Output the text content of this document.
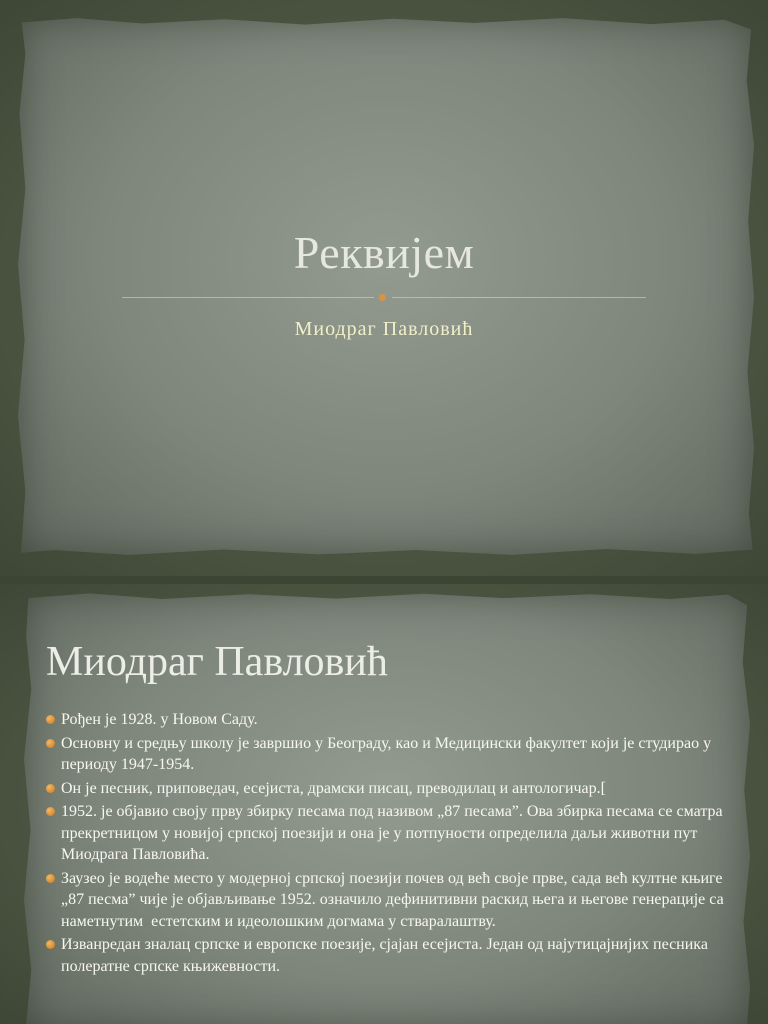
Реквијем
Миодраг Павловић
Миодраг Павловић
Рођен је 1928. у Новом Саду.
Основну и средњу школу је завршио у Београду, као и Медицински факултет који је студирао у периоду 1947-1954.
Он је песник, приповедач, есејиста, драмски писац, преводилац и антологичар.[
1952. је објавио своју прву збирку песама под називом „87 песама”. Ова збирка песама се сматра прекретницом у новијој српској поезији и она је у потпуности определила даљи животни пут Миодрага Павловића.
Заузео је водеће место у модерној српској поезији почев од већ своје прве, сада већ култне књиге „87 песма” чије је објављивање 1952. означило дефинитивни раскид њега и његове генерације са наметнутим  естетским и идеолошким догмама у стваралаштву.
Изванредан зналац српске и европске поезије, сјајан есејиста. Један од најутицајнијих песника полератне српске књижевности.
